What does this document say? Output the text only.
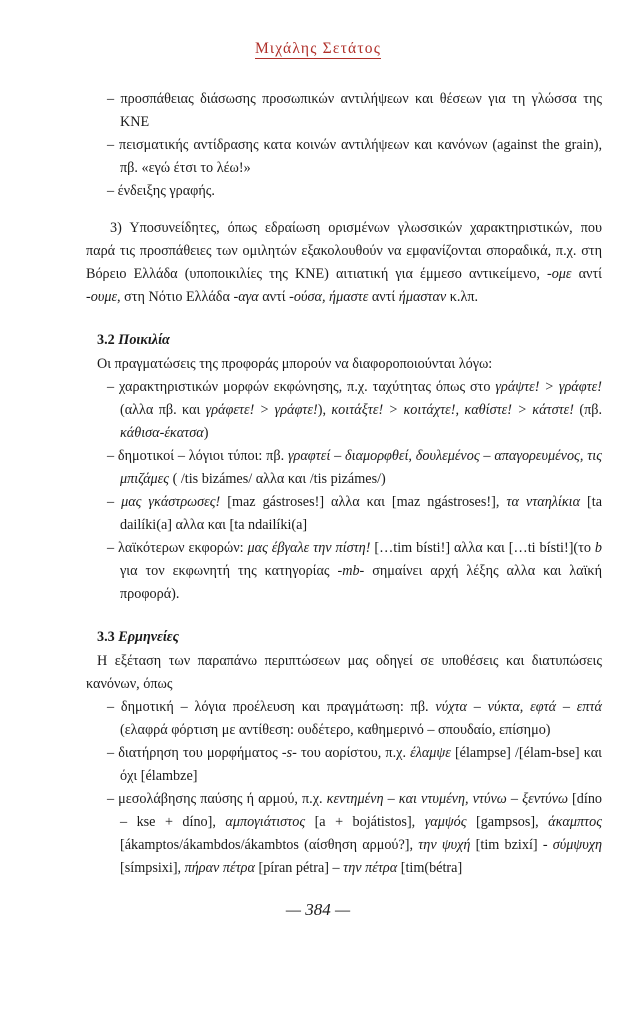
Μιχάλης Σετάτος
– προσπάθειας διάσωσης προσωπικών αντιλήψεων και θέσεων για τη γλώσσα της ΚΝΕ
– πεισματικής αντίδρασης κατα κοινών αντιλήψεων και κανόνων (against the grain), πβ. «εγώ έτσι το λέω!»
– ένδειξης γραφής.
3) Υποσυνείδητες, όπως εδραίωση ορισμένων γλωσσικών χαρακτηριστικών, που παρά τις προσπάθειες των ομιλητών εξακολουθούν να εμφανίζονται σποραδικά, π.χ. στη Βόρειο Ελλάδα (υποποικιλίες της ΚΝΕ) αιτιατική για έμμεσο αντικείμενο, -ομε αντί -ουμε, στη Νότιο Ελλάδα -αγα αντί -ούσα, ήμαστε αντί ήμασταν κ.λπ.
3.2 Ποικιλία
Οι πραγματώσεις της προφοράς μπορούν να διαφοροποιούνται λόγω:
– χαρακτηριστικών μορφών εκφώνησης, π.χ. ταχύτητας όπως στο γράψτε! > γράφτε! (αλλα πβ. και γράφετε! > γράφτε!), κοιτάξτε! > κοιτάχτε!, καθίστε! > κάτστε! (πβ. κάθισα-έκατσα)
– δημοτικοί – λόγιοι τύποι: πβ. γραφτεί – διαμορφθεί, δουλεμένος – απαγορευμένος, τις μπιζάμες ( /tis bizámes/ αλλα και /tis pizámes/)
– μας γκάστρωσες! [maz gástroses!] αλλα και [maz ngástroses!], τα νταηλίκια [ta dailíki(a] αλλα και [ta ndailíki(a]
– λαϊκότερων εκφορών: μας έβγαλε την πίστη! […tim bísti!] αλλα και […ti bísti!](το b για τον εκφωνητή της κατηγορίας -mb- σημαίνει αρχή λέξης αλλα και λαϊκή προφορά).
3.3 Ερμηνείες
Η εξέταση των παραπάνω περιπτώσεων μας οδηγεί σε υποθέσεις και διατυπώσεις κανόνων, όπως
– δημοτική – λόγια προέλευση και πραγμάτωση: πβ. νύχτα – νύκτα, εφτά – επτά (ελαφρά φόρτιση με αντίθεση: ουδέτερο, καθημερινό – σπουδαίο, επίσημο)
– διατήρηση του μορφήματος -s- του αορίστου, π.χ. έλαμψε [élampse] /[élam-bse] και όχι [élambze]
– μεσολάβησης παύσης ή αρμού, π.χ. κεντημένη – και ντυμένη, ντύνω – ξεντύνω [díno – kse + díno], αμπογιάτιστος [a + bojátistos], γαμψός [gampsos], άκαμπτος [ákamptos/ákambdos/ákambtos (αίσθηση αρμού?], την ψυχή [tim bzixí] - σύμψυχη [símpsixi], πήραν πέτρα [píran pétra] – την πέτρα [tim(bétra]
— 384 —
